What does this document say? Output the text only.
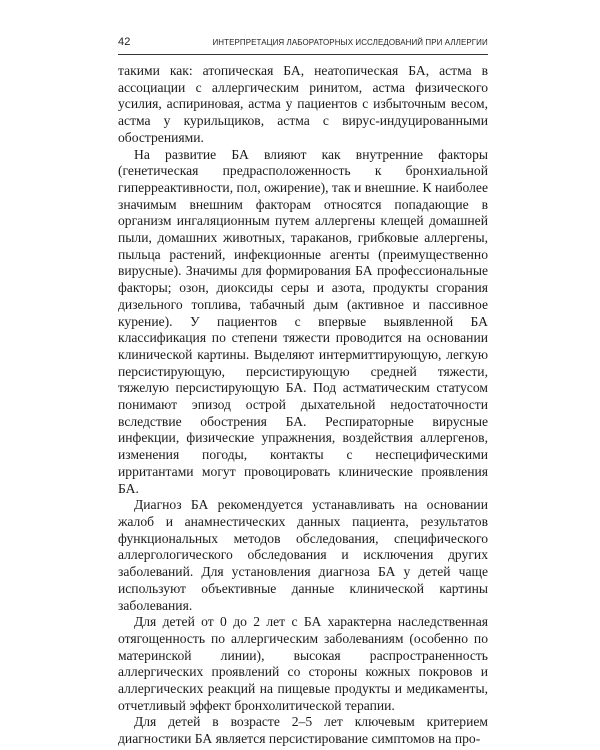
42	ИНТЕРПРЕТАЦИЯ ЛАБОРАТОРНЫХ ИССЛЕДОВАНИЙ ПРИ АЛЛЕРГИИ

такими как: атопическая БА, неатопическая БА, астма в ассоциации с аллергическим ринитом, астма физического усилия, аспириновая, астма у пациентов с избыточным весом, астма у курильщиков, астма с вирус-индуцированными обострениями.

На развитие БА влияют как внутренние факторы (генетическая предрасположенность к бронхиальной гиперреактивности, пол, ожирение), так и внешние. К наиболее значимым внешним факторам относятся попадающие в организм ингаляционным путем аллергены клещей домашней пыли, домашних животных, тараканов, грибковые аллергены, пыльца растений, инфекционные агенты (преимущественно вирусные). Значимы для формирования БА профессиональные факторы; озон, диоксиды серы и азота, продукты сгорания дизельного топлива, табачный дым (активное и пассивное курение). У пациентов с впервые выявленной БА классификация по степени тяжести проводится на основании клинической картины. Выделяют интермиттирующую, легкую персистирующую, персистирующую средней тяжести, тяжелую персистирующую БА. Под астматическим статусом понимают эпизод острой дыхательной недостаточности вследствие обострения БА. Респираторные вирусные инфекции, физические упражнения, воздействия аллергенов, изменения погоды, контакты с неспецифическими ирритантами могут провоцировать клинические проявления БА.

Диагноз БА рекомендуется устанавливать на основании жалоб и анамнестических данных пациента, результатов функциональных методов обследования, специфического аллергологического обследования и исключения других заболеваний. Для установления диагноза БА у детей чаще используют объективные данные клинической картины заболевания.

Для детей от 0 до 2 лет с БА характерна наследственная отягощенность по аллергическим заболеваниям (особенно по материнской линии), высокая распространенность аллергических проявлений со стороны кожных покровов и аллергических реакций на пищевые продукты и медикаменты, отчетливый эффект бронхолитической терапии.

Для детей в возрасте 2–5 лет ключевым критерием диагностики БА является персистирование симптомов на про-
